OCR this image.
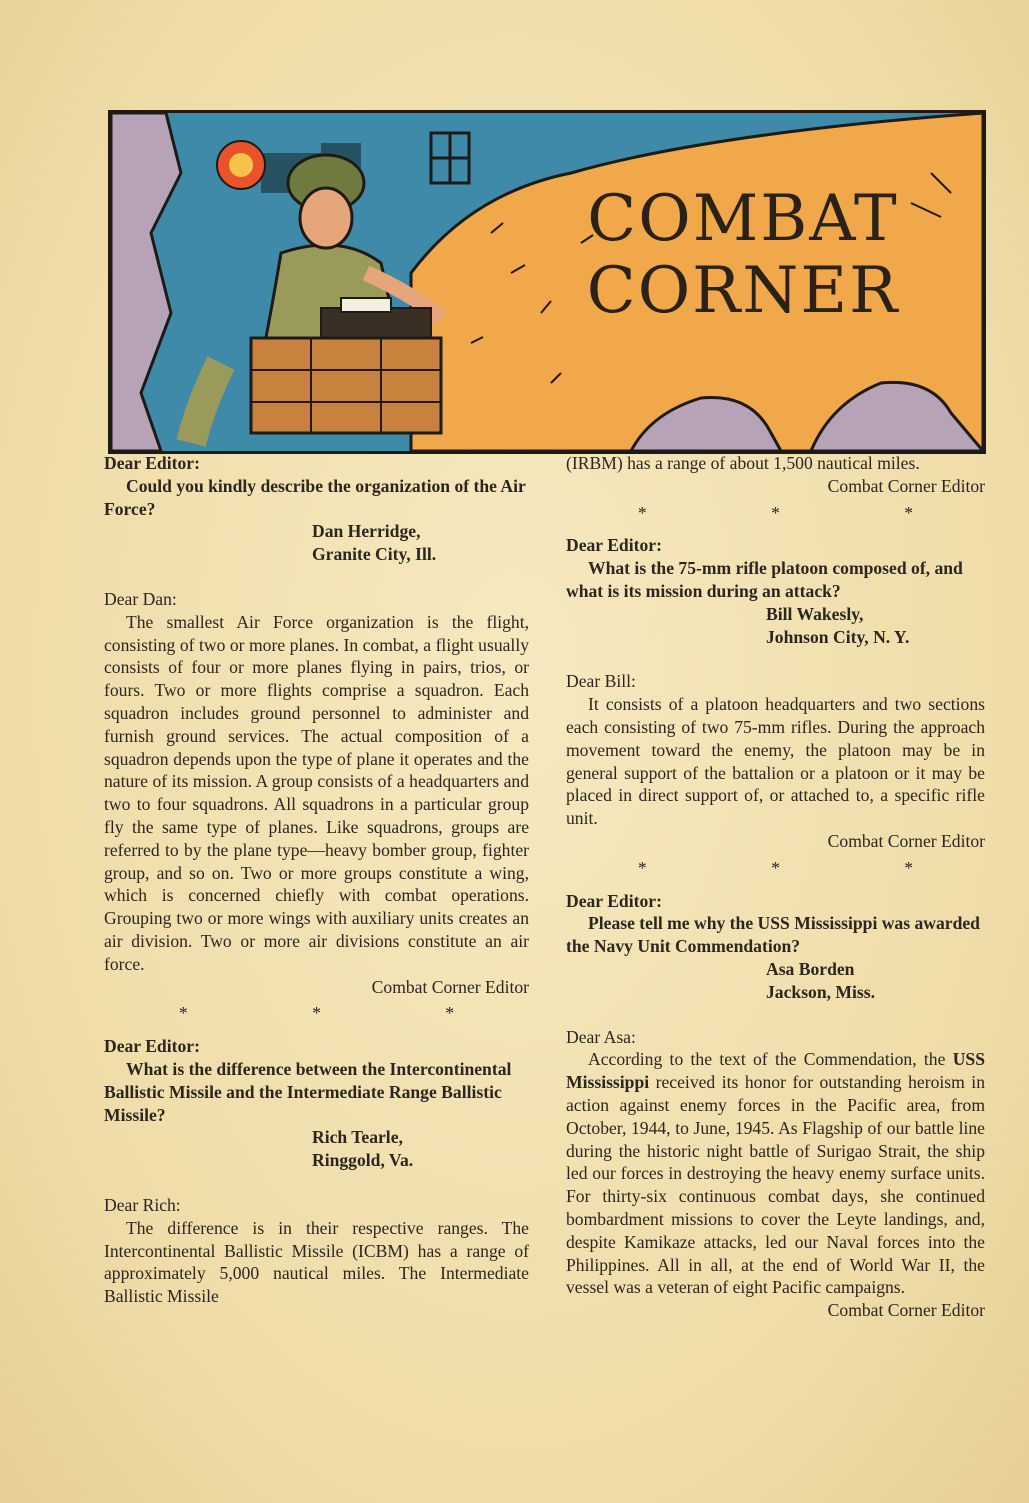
COMBAT
CORNER

Dear Editor:

Could you kindly describe the organization of the Air Force?

Dan Herridge,

Granite City, Ill.

Dear Dan:

The smallest Air Force organization is the flight, consisting of two or more planes. In combat, a flight usually consists of four or more planes flying in pairs, trios, or fours. Two or more flights comprise a squadron. Each squadron includes ground personnel to administer and furnish ground services. The actual composition of a squadron depends upon the type of plane it operates and the nature of its mission. A group consists of a headquarters and two to four squadrons. All squadrons in a particular group fly the same type of planes. Like squadrons, groups are referred to by the plane type—heavy bomber group, fighter group, and so on. Two or more groups constitute a wing, which is concerned chiefly with combat operations. Grouping two or more wings with auxiliary units creates an air division. Two or more air divisions constitute an air force.

Combat Corner Editor

* * *

Dear Editor:

What is the difference between the Intercontinental Ballistic Missile and the Intermediate Range Ballistic Missile?

Rich Tearle,

Ringgold, Va.

Dear Rich:

The difference is in their respective ranges. The Intercontinental Ballistic Missile (ICBM) has a range of approximately 5,000 nautical miles. The Intermediate Ballistic Missile

(IRBM) has a range of about 1,500 nautical miles.

Combat Corner Editor

* * *

Dear Editor:

What is the 75-mm rifle platoon composed of, and what is its mission during an attack?

Bill Wakesly,

Johnson City, N. Y.

Dear Bill:

It consists of a platoon headquarters and two sections each consisting of two 75-mm rifles. During the approach movement toward the enemy, the platoon may be in general support of the battalion or a platoon or it may be placed in direct support of, or attached to, a specific rifle unit.

Combat Corner Editor

* * *

Dear Editor:

Please tell me why the USS Mississippi was awarded the Navy Unit Commendation?

Asa Borden

Jackson, Miss.

Dear Asa:

According to the text of the Commendation, the USS Mississippi received its honor for outstanding heroism in action against enemy forces in the Pacific area, from October, 1944, to June, 1945. As Flagship of our battle line during the historic night battle of Surigao Strait, the ship led our forces in destroying the heavy enemy surface units. For thirty-six continuous combat days, she continued bombardment missions to cover the Leyte landings, and, despite Kamikaze attacks, led our Naval forces into the Philippines. All in all, at the end of World War II, the vessel was a veteran of eight Pacific campaigns.

Combat Corner Editor
